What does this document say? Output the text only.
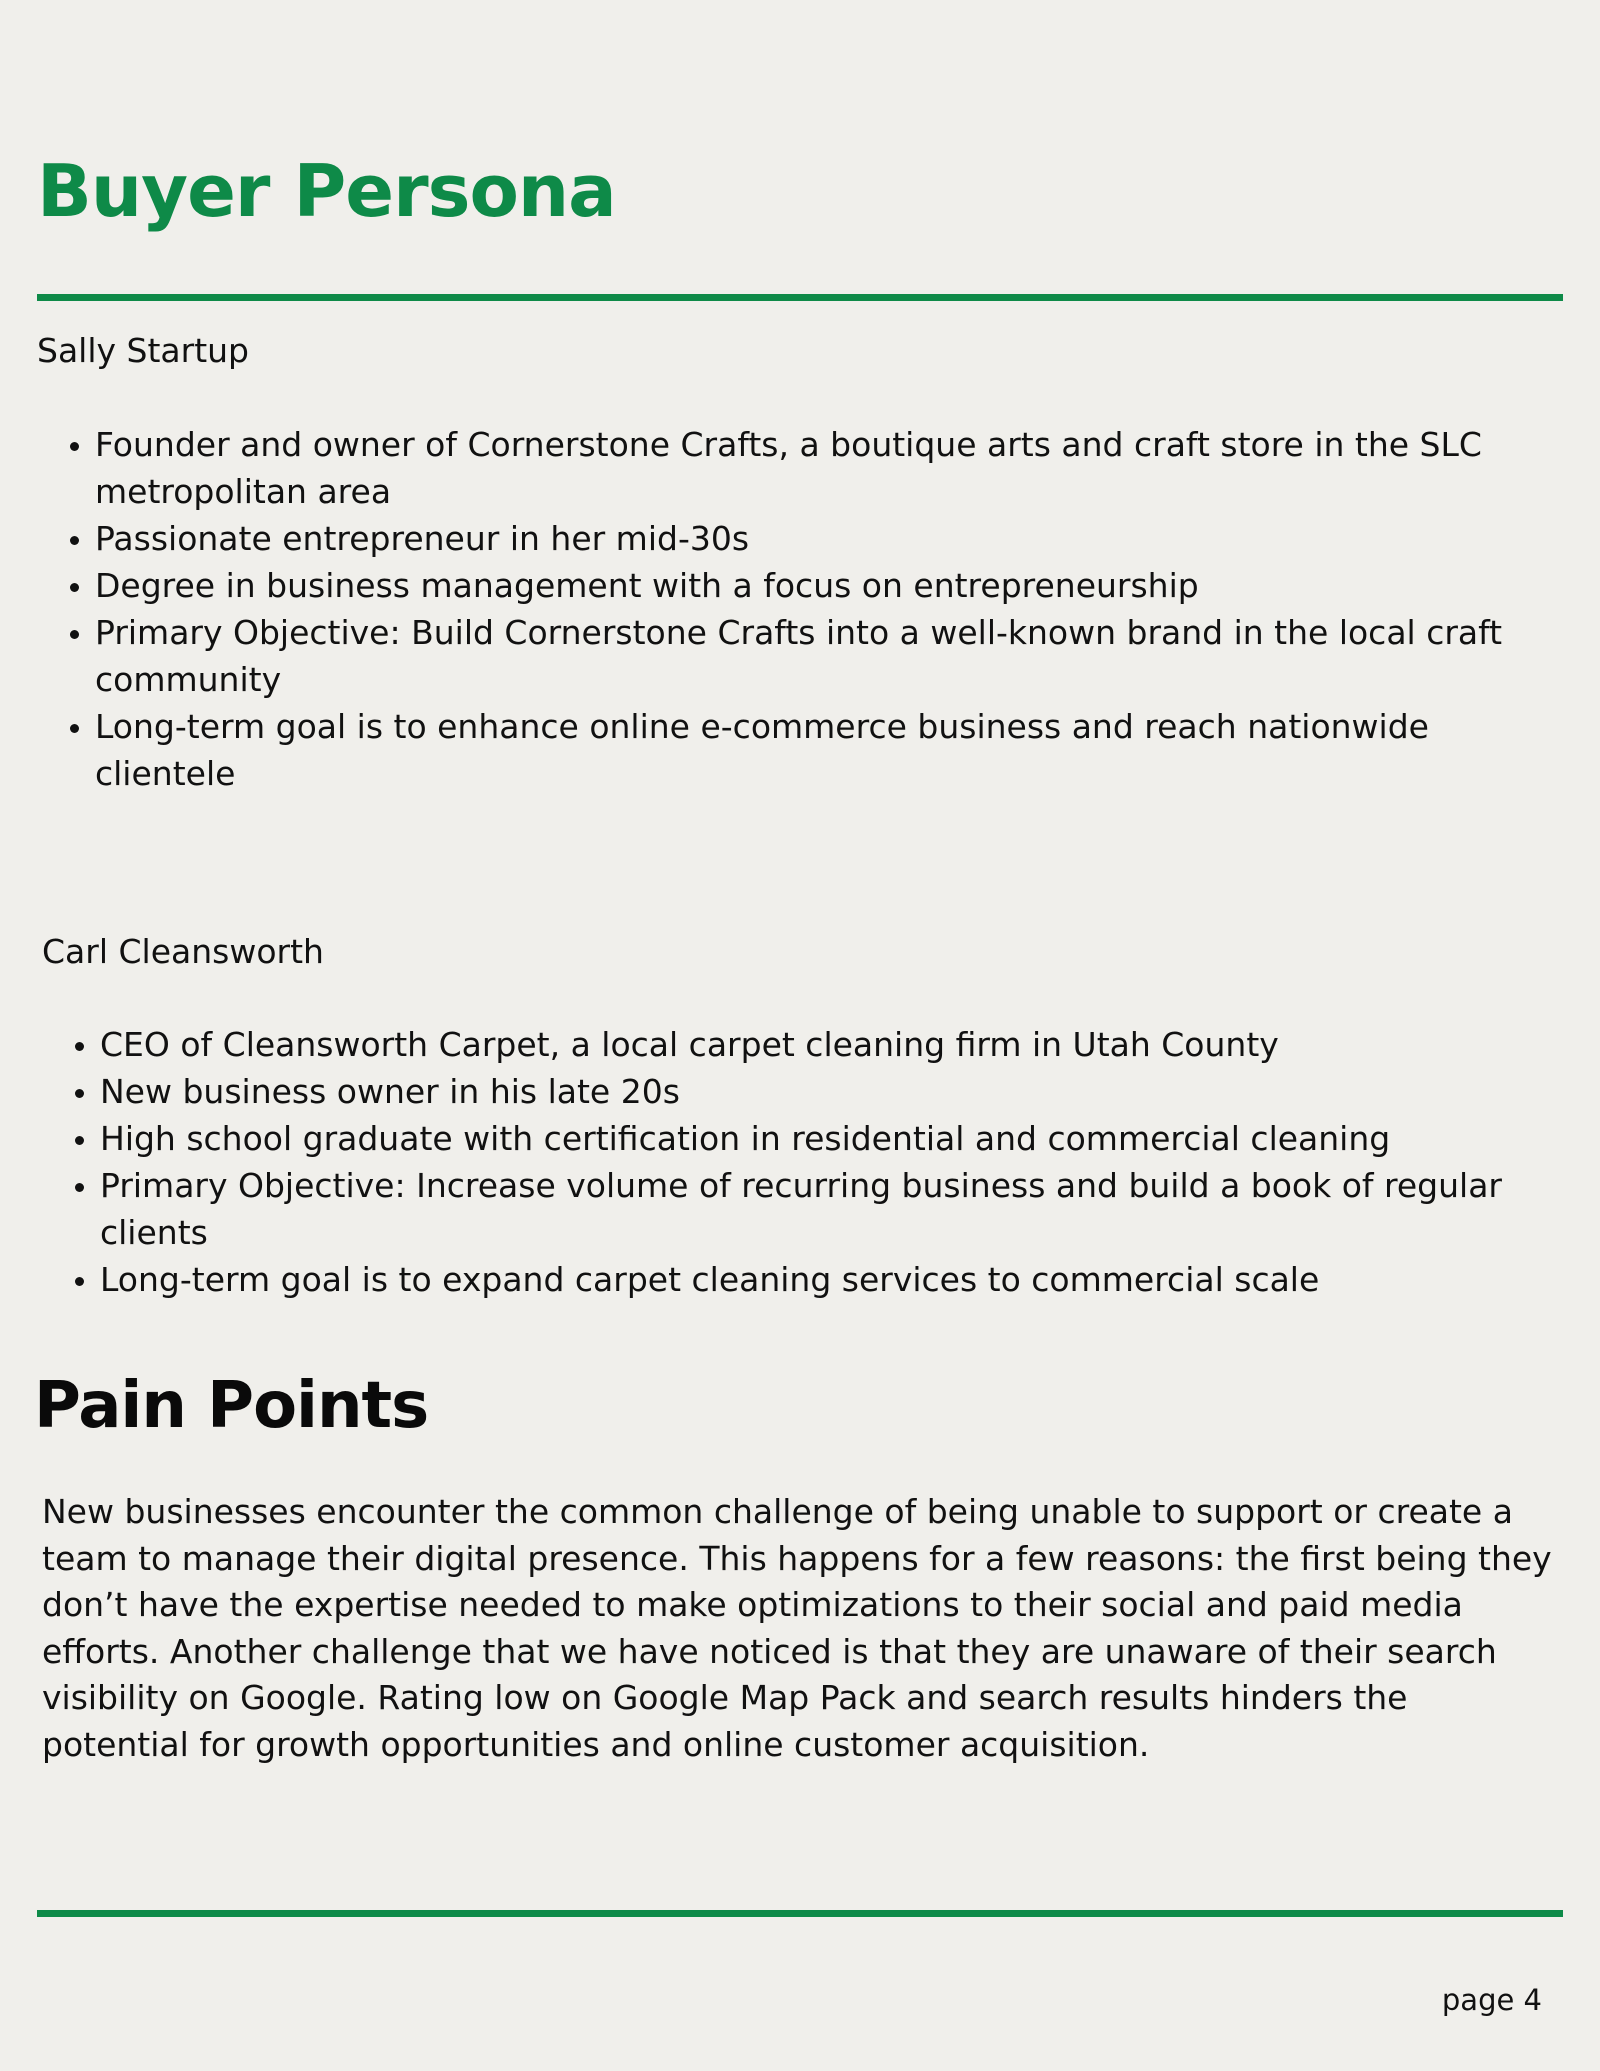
Buyer Persona

Sally Startup

• Founder and owner of Cornerstone Crafts, a boutique arts and craft store in the SLC metropolitan area
• Passionate entrepreneur in her mid-30s
• Degree in business management with a focus on entrepreneurship
• Primary Objective: Build Cornerstone Crafts into a well-known brand in the local craft community
• Long-term goal is to enhance online e-commerce business and reach nationwide clientele

Carl Cleansworth

• CEO of Cleansworth Carpet, a local carpet cleaning firm in Utah County
• New business owner in his late 20s
• High school graduate with certification in residential and commercial cleaning
• Primary Objective: Increase volume of recurring business and build a book of regular clients
• Long-term goal is to expand carpet cleaning services to commercial scale
Pain Points

New businesses encounter the common challenge of being unable to support or create a team to manage their digital presence. This happens for a few reasons: the first being they don’t have the expertise needed to make optimizations to their social and paid media efforts. Another challenge that we have noticed is that they are unaware of their search visibility on Google. Rating low on Google Map Pack and search results hinders the potential for growth opportunities and online customer acquisition.

page 4
